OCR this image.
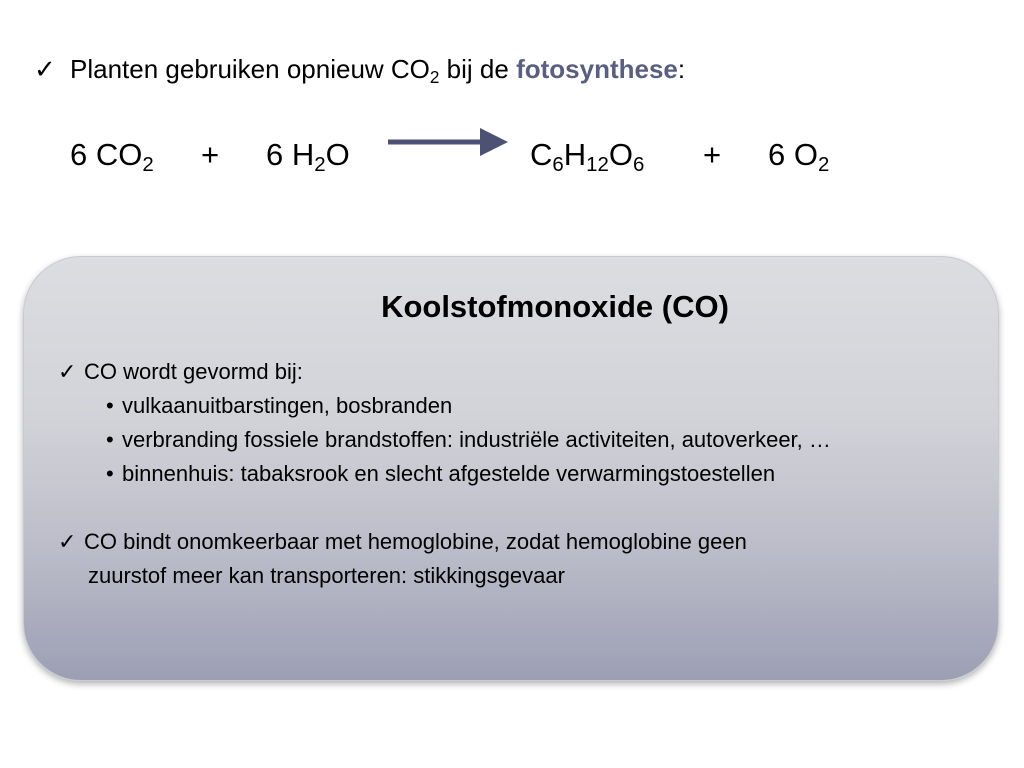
✓ Planten gebruiken opnieuw $CO_2$ bij de fotosynthese:
6 $CO_2 + 6$ $H_2O$	$C_6H_{12}O_6 + 6$ $O_2$
Koolstofmonoxide (CO)
✓ CO wordt gevormd bij:
• vulkaanuitbarstingen, bosbranden
• verbranding fossiele brandstoffen: industriële activiteiten, autoverkeer, …
• binnenhuis: tabaksrook en slecht afgestelde verwarmingstoestellen
✓ CO bindt onomkeerbaar met hemoglobine, zodat hemoglobine geen
zuurstof meer kan transporteren: stikkingsgevaar
